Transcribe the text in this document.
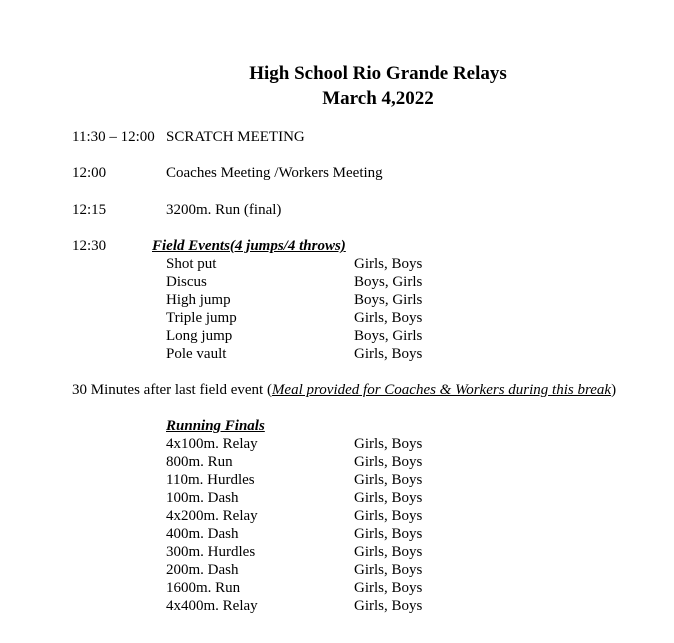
High School Rio Grande Relays
March 4,2022
11:30 – 12:00 SCRATCH MEETING
12:00	Coaches Meeting /Workers Meeting
12:15	3200m. Run (final)
12:30	Field Events(4 jumps/4 throws)
Shot put	Girls, Boys
Discus	Boys, Girls
High jump	Boys, Girls
Triple jump	Girls, Boys
Long jump	Boys, Girls
Pole vault	Girls, Boys
30 Minutes after last field event (Meal provided for Coaches & Workers during this break)
Running Finals
4x100m. Relay	Girls, Boys
800m. Run	Girls, Boys
110m. Hurdles	Girls, Boys
100m. Dash	Girls, Boys
4x200m. Relay	Girls, Boys
400m. Dash	Girls, Boys
300m. Hurdles	Girls, Boys
200m. Dash	Girls, Boys
1600m. Run	Girls, Boys
4x400m. Relay	Girls, Boys
